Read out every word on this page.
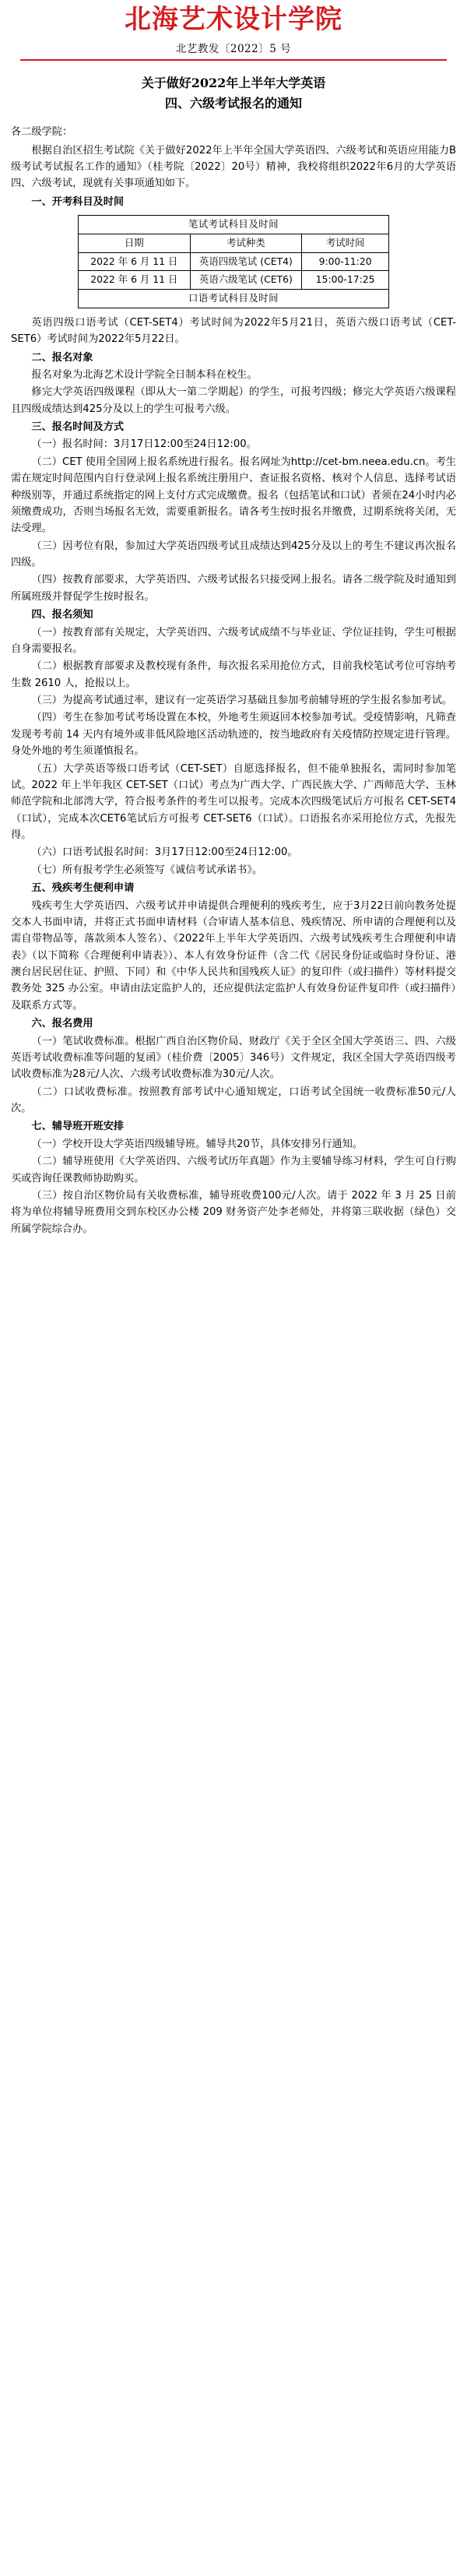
北海艺术设计学院
北艺教发〔2022〕5 号
关于做好2022年上半年大学英语
四、六级考试报名的通知

各二级学院：

根据自治区招生考试院《关于做好2022年上半年全国大学英语四、六级考试和英语应用能力B级考试考试报名工作的通知》（桂考院〔2022〕20号）精神，我校将组织2022年6月的大学英语四、六级考试，现就有关事项通知如下。

一、开考科目及时间

笔试考试科目及时间		
日期	考试种类	考试时间
2022 年 6 月 11 日	英语四级笔试 (CET4)	9:00-11:20
2022 年 6 月 11 日	英语六级笔试 (CET6)	15:00-17:25
口语考试科目及时间		

英语四级口语考试（CET-SET4）考试时间为2022年5月21日，英语六级口语考试（CET-SET6）考试时间为2022年5月22日。

二、报名对象

报名对象为北海艺术设计学院全日制本科在校生。

修完大学英语四级课程（即从大一第二学期起）的学生，可报考四级；修完大学英语六级课程且四级成绩达到425分及以上的学生可报考六级。

三、报名时间及方式

（一）报名时间：3月17日12:00至24日12:00。

（二）CET 使用全国网上报名系统进行报名。报名网址为http://cet-bm.neea.edu.cn。考生需在规定时间范围内自行登录网上报名系统注册用户、查证报名资格、核对个人信息、选择考试语种级别等，并通过系统指定的网上支付方式完成缴费。报名（包括笔试和口试）者须在24小时内必须缴费成功，否则当场报名无效，需要重新报名。请各考生按时报名并缴费，过期系统将关闭，无法受理。

（三）因考位有限，参加过大学英语四级考试且成绩达到425分及以上的考生不建议再次报名四级。

（四）按教育部要求，大学英语四、六级考试报名只接受网上报名。请各二级学院及时通知到所属班级并督促学生按时报名。

四、报名须知

（一）按教育部有关规定，大学英语四、六级考试成绩不与毕业证、学位证挂钩，学生可根据自身需要报名。

（二）根据教育部要求及教校现有条件，每次报名采用抢位方式，目前我校笔试考位可容纳考生数 2610 人，抢报以上。

（三）为提高考试通过率，建议有一定英语学习基础且参加考前辅导班的学生报名参加考试。

（四）考生在参加考试考场设置在本校，外地考生须返回本校参加考试。受疫情影响，凡筛查发现考考前 14 天内有境外或非低风险地区活动轨迹的，按当地政府有关疫情防控规定进行管理。身处外地的考生须谨慎报名。

（五）大学英语等级口语考试（CET-SET）自愿选择报名，但不能单独报名，需同时参加笔试。2022 年上半年我区 CET-SET（口试）考点为广西大学、广西民族大学、广西师范大学、玉林师范学院和北部湾大学，符合报考条件的考生可以报考。完成本次四级笔试后方可报名 CET-SET4（口试），完成本次CET6笔试后方可报考 CET-SET6（口试）。口语报名亦采用抢位方式，先报先得。

（六）口语考试报名时间：3月17日12:00至24日12:00。

（七）所有报考学生必须签写《诚信考试承诺书》。

五、残疾考生便利申请

残疾考生大学英语四、六级考试并申请提供合理便利的残疾考生，应于3月22日前向教务处提交本人书面申请，并将正式书面申请材料（合审请人基本信息、残疾情况、所申请的合理便利以及需自带物品等，落款须本人签名）、《2022年上半年大学英语四、六级考试残疾考生合理便利申请表》（以下简称《合理便利申请表》）、本人有效身份证件（含二代《居民身份证或临时身份证、港澳台居民居住证、护照、下同）和《中华人民共和国残疾人证》的复印件（或扫描件）等材料提交教务处 325 办公室。申请由法定监护人的，还应提供法定监护人有效身份证件复印件（或扫描件）及联系方式等。

六、报名费用

（一）笔试收费标准。根据广西自治区物价局、财政厅《关于全区全国大学英语三、四、六级英语考试收费标准等问题的复函》（桂价费〔2005〕346号）文件规定，我区全国大学英语四级考试收费标准为28元/人次、六级考试收费标准为30元/人次。

（二）口试收费标准。按照教育部考试中心通知规定，口语考试全国统一收费标准50元/人次。

七、辅导班开班安排

（一）学校开设大学英语四级辅导班。辅导共20节，具体安排另行通知。

（二）辅导班使用《大学英语四、六级考试历年真题》作为主要辅导练习材料，学生可自行购买或咨询任课教师协助购买。

（三）按自治区物价局有关收费标准，辅导班收费100元/人次。请于 2022 年 3 月 25 日前将为单位将辅导班费用交到东校区办公楼 209 财务资产处李老师处，并将第三联收据（绿色）交所属学院综合办。
